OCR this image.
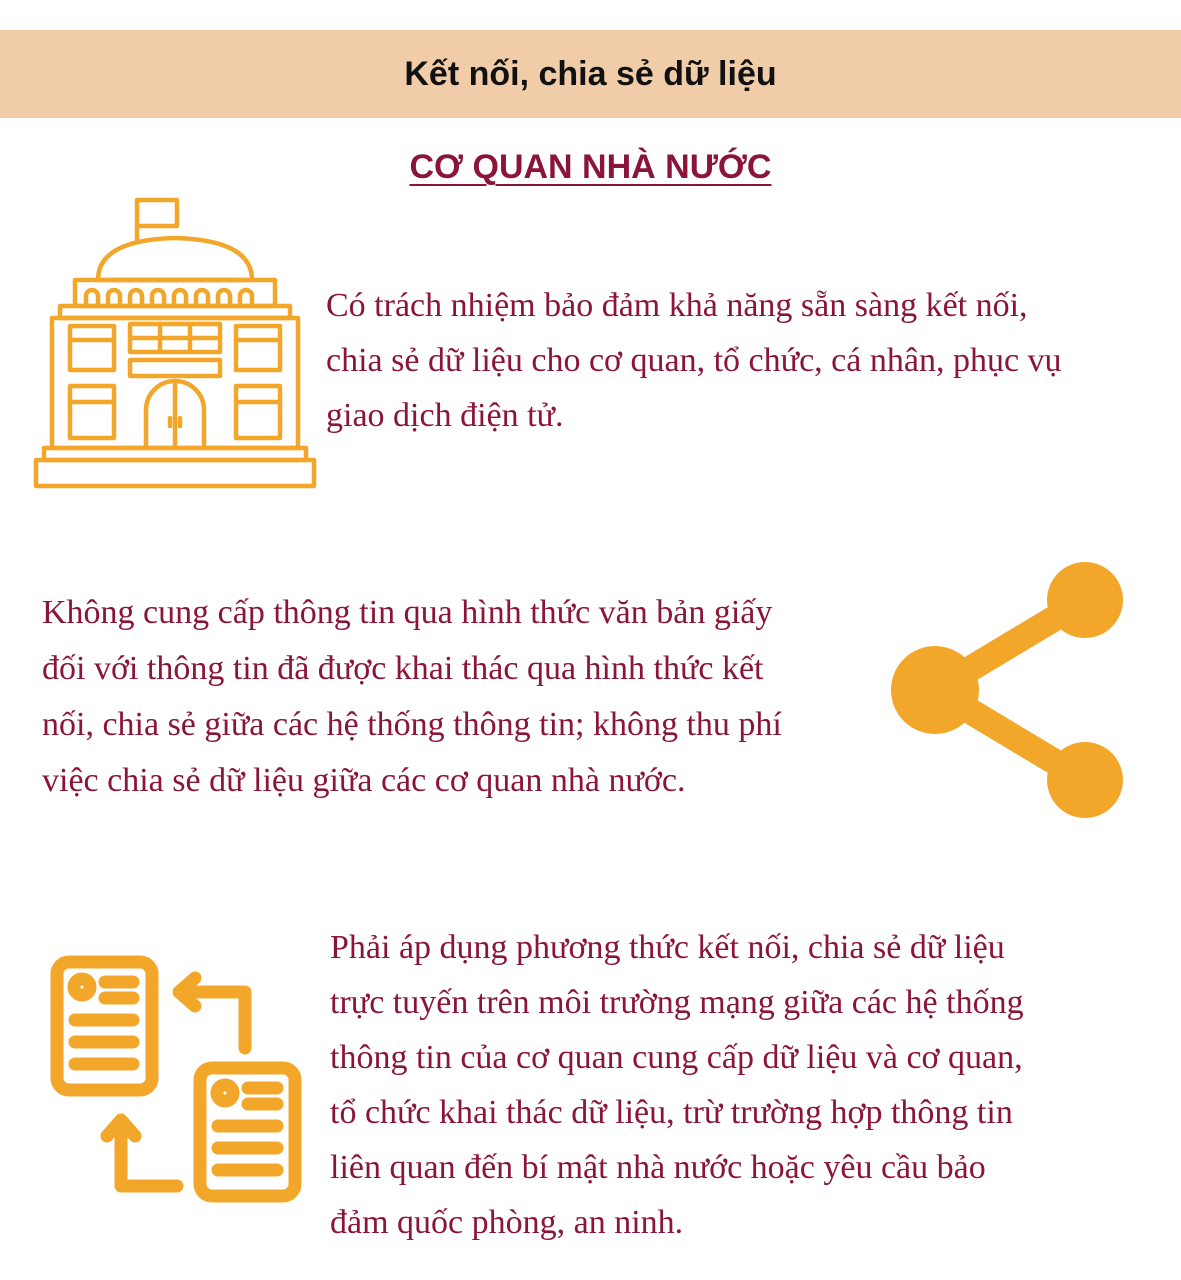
Kết nối, chia sẻ dữ liệu
CƠ QUAN NHÀ NƯỚC

Có trách nhiệm bảo đảm khả năng sẵn sàng kết nối,
chia sẻ dữ liệu cho cơ quan, tổ chức, cá nhân, phục vụ
giao dịch điện tử.

Không cung cấp thông tin qua hình thức văn bản giấy
đối với thông tin đã được khai thác qua hình thức kết
nối, chia sẻ giữa các hệ thống thông tin; không thu phí
việc chia sẻ dữ liệu giữa các cơ quan nhà nước.

Phải áp dụng phương thức kết nối, chia sẻ dữ liệu
trực tuyến trên môi trường mạng giữa các hệ thống
thông tin của cơ quan cung cấp dữ liệu và cơ quan,
tổ chức khai thác dữ liệu, trừ trường hợp thông tin
liên quan đến bí mật nhà nước hoặc yêu cầu bảo
đảm quốc phòng, an ninh.
